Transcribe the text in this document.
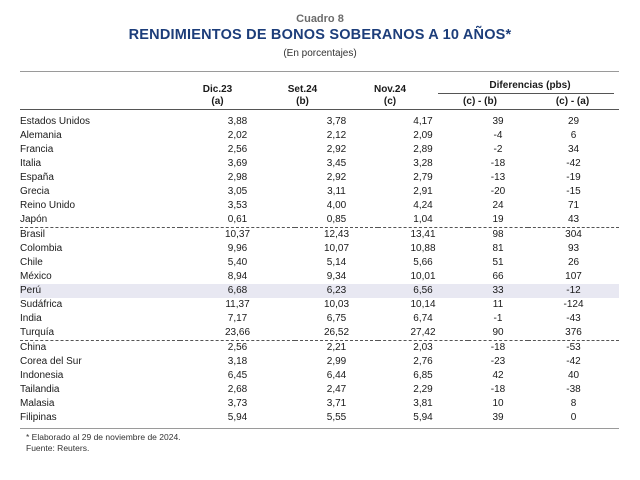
Cuadro 8
RENDIMIENTOS DE BONOS SOBERANOS A 10 AÑOS*
(En porcentajes)
Dic.23
(a)
Set.24
(b)
Nov.24
(c)
Diferencias (pbs)
(c) - (b)	(c) - (a)
Estados Unidos	3,88	3,78	4,17	39	29
Alemania	2,02	2,12	2,09	-4	6
Francia	2,56	2,92	2,89	-2	34
Italia	3,69	3,45	3,28	-18	-42
España	2,98	2,92	2,79	-13	-19
Grecia	3,05	3,11	2,91	-20	-15
Reino Unido	3,53	4,00	4,24	24	71
Japón	0,61	0,85	1,04	19	43
Brasil	10,37	12,43	13,41	98	304
Colombia	9,96	10,07	10,88	81	93
Chile	5,40	5,14	5,66	51	26
México	8,94	9,34	10,01	66	107
Perú	6,68	6,23	6,56	33	-12
Sudáfrica	11,37	10,03	10,14	11	-124
India	7,17	6,75	6,74	-1	-43
Turquía	23,66	26,52	27,42	90	376
China	2,56	2,21	2,03	-18	-53
Corea del Sur	3,18	2,99	2,76	-23	-42
Indonesia	6,45	6,44	6,85	42	40
Tailandia	2,68	2,47	2,29	-18	-38
Malasia	3,73	3,71	3,81	10	8
Filipinas	5,94	5,55	5,94	39	0
* Elaborado al 29 de noviembre de 2024.
Fuente: Reuters.
